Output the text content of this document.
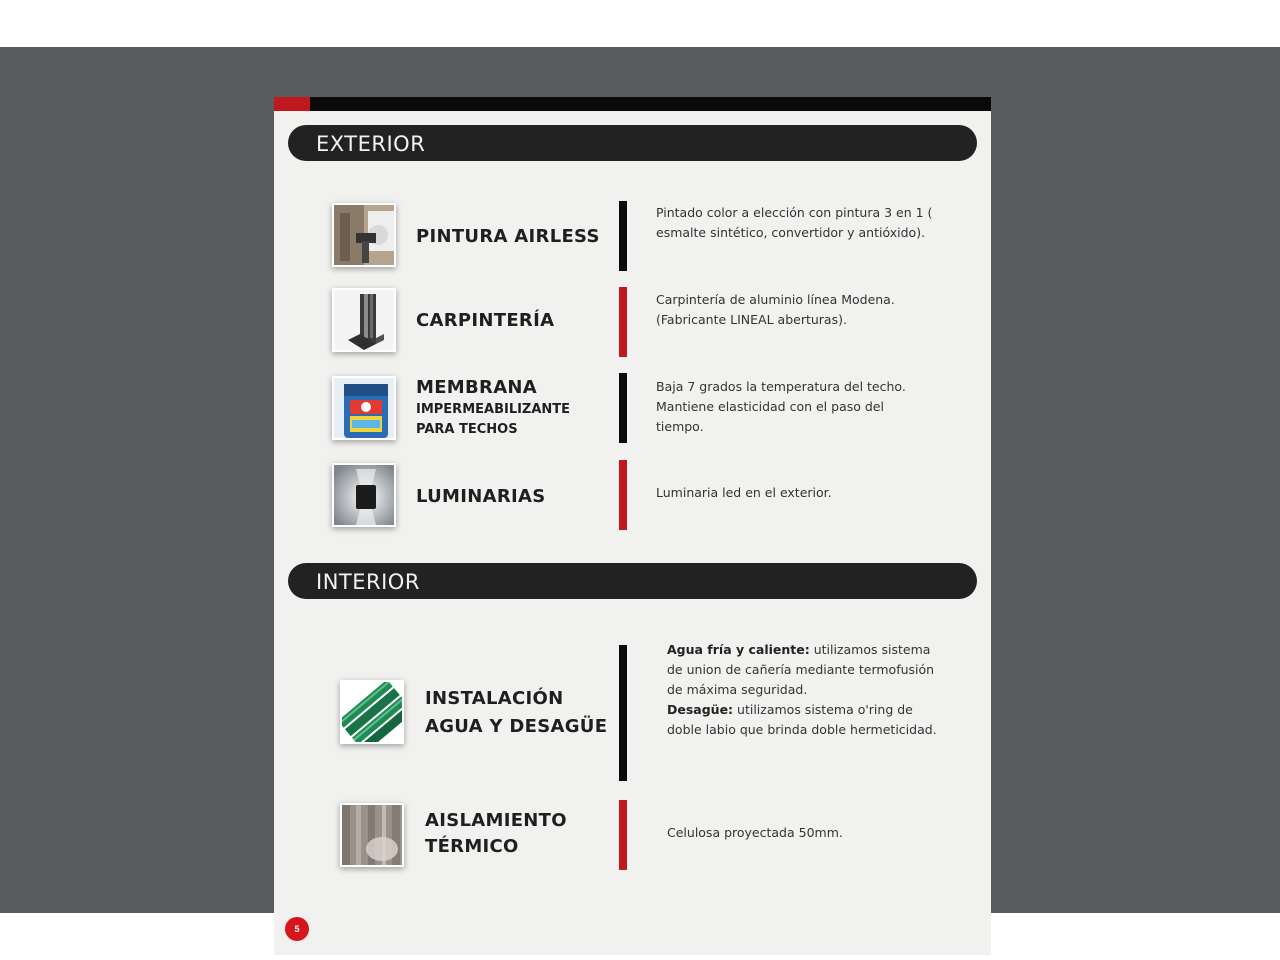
EXTERIOR
PINTURA AIRLESS
Pintado color a elección con pintura 3 en 1 ( esmalte sintético, convertidor y antióxido).
CARPINTERÍA
Carpintería de aluminio línea Modena. (Fabricante LINEAL aberturas).
MEMBRANA
IMPERMEABILIZANTE
PARA TECHOS
Baja 7 grados la temperatura del techo. Mantiene elasticidad con el paso del tiempo.
LUMINARIAS	Luminaria led en el exterior.
INTERIOR
INSTALACIÓN
AGUA Y DESAGÜE
Agua fría y caliente: utilizamos sistema de union de cañería mediante termofusión de máxima seguridad.
Desagüe: utilizamos sistema o'ring de doble labio que brinda doble hermeticidad.
AISLAMIENTO
TÉRMICO
Celulosa proyectada 50mm.
5
